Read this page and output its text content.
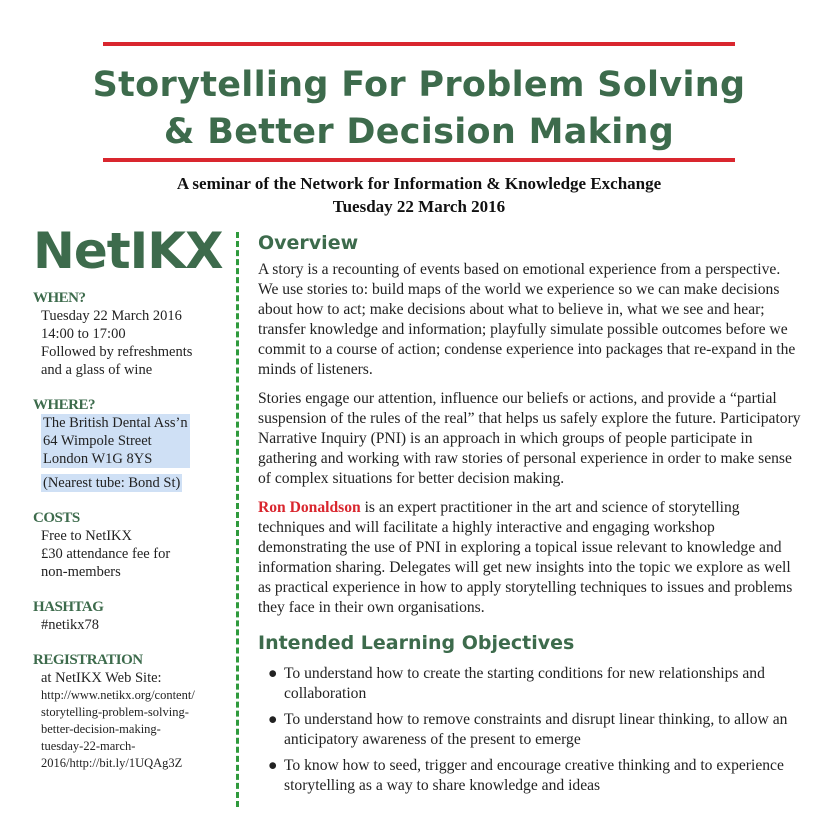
Storytelling For Problem Solving
& Better Decision Making
A seminar of the Network for Information & Knowledge Exchange
Tuesday 22 March 2016
NetIKX
WHEN?
Tuesday 22 March 2016
14:00 to 17:00
Followed by refreshments
and a glass of wine
WHERE?
The British Dental Ass’n
64 Wimpole Street
London W1G 8YS

(Nearest tube: Bond St)
COSTS
Free to NetIKX
£30 attendance fee for
non-members
HASHTAG
#netikx78
REGISTRATION
at NetIKX Web Site:
http://www.netikx.org/content/
storytelling-problem-solving-
better-decision-making-
tuesday-22-march-
2016/http://bit.ly/1UQAg3Z
Overview

A story is a recounting of events based on emotional experience from a perspective. We use stories to: build maps of the world we experience so we can make decisions about how to act; make decisions about what to believe in, what we see and hear; transfer knowledge and information; playfully simulate possible outcomes before we commit to a course of action; condense experience into packages that re-expand in the minds of listeners.

Stories engage our attention, influence our beliefs or actions, and provide a “partial suspension of the rules of the real” that helps us safely explore the future. Participatory Narrative Inquiry (PNI) is an approach in which groups of people participate in gathering and working with raw stories of personal experience in order to make sense of complex situations for better decision making.

Ron Donaldson is an expert practitioner in the art and science of storytelling techniques and will facilitate a highly interactive and engaging workshop demonstrating the use of PNI in exploring a topical issue relevant to knowledge and information sharing. Delegates will get new insights into the topic we explore as well as practical experience in how to apply storytelling techniques to issues and problems they face in their own organisations.

Intended Learning Objectives
● To understand how to create the starting conditions for new relationships and collaboration
● To understand how to remove constraints and disrupt linear thinking, to allow an anticipatory awareness of the present to emerge
● To know how to seed, trigger and encourage creative thinking and to experience storytelling as a way to share knowledge and ideas
